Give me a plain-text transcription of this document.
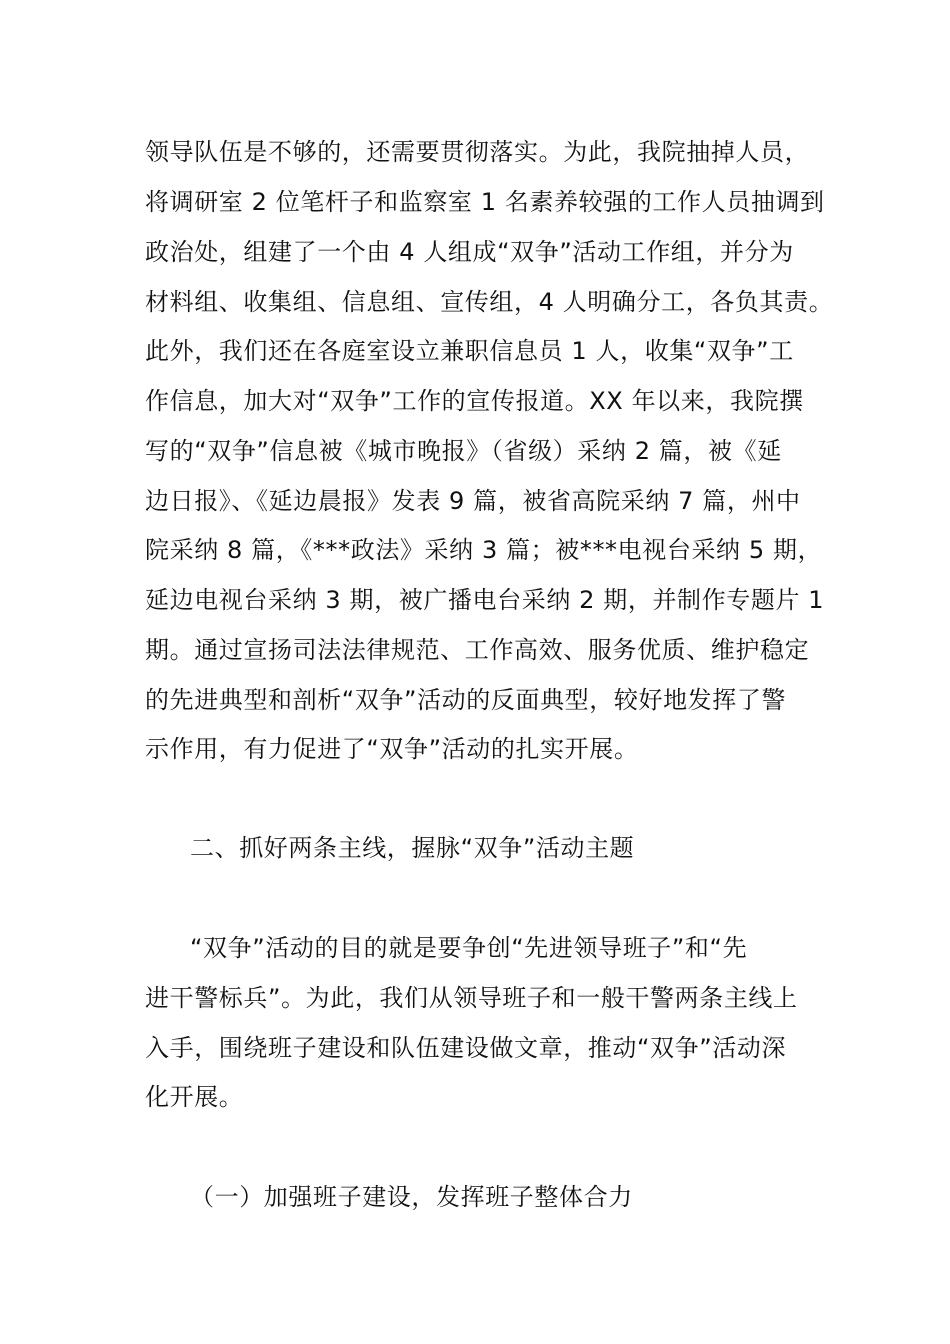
领导队伍是不够的，还需要贯彻落实。为此，我院抽掉人员，
将调研室 2 位笔杆子和监察室 1 名素养较强的工作人员抽调到
政治处，组建了一个由 4 人组成“双争”活动工作组，并分为
材料组、收集组、信息组、宣传组，4 人明确分工，各负其责。
此外，我们还在各庭室设立兼职信息员 1 人，收集“双争”工
作信息，加大对“双争”工作的宣传报道。XX 年以来，我院撰
写的“双争”信息被《城市晚报》（省级）采纳 2 篇，被《延
边日报》、《延边晨报》发表 9 篇，被省高院采纳 7 篇，州中
院采纳 8 篇，《***政法》采纳 3 篇；被***电视台采纳 5 期，
延边电视台采纳 3 期，被广播电台采纳 2 期，并制作专题片 1
期。通过宣扬司法法律规范、工作高效、服务优质、维护稳定
的先进典型和剖析“双争”活动的反面典型，较好地发挥了警
示作用，有力促进了“双争”活动的扎实开展。
二、抓好两条主线，握脉“双争”活动主题
“双争”活动的目的就是要争创“先进领导班子”和“先
进干警标兵”。为此，我们从领导班子和一般干警两条主线上
入手，围绕班子建设和队伍建设做文章，推动“双争”活动深
化开展。
（一）加强班子建设，发挥班子整体合力
